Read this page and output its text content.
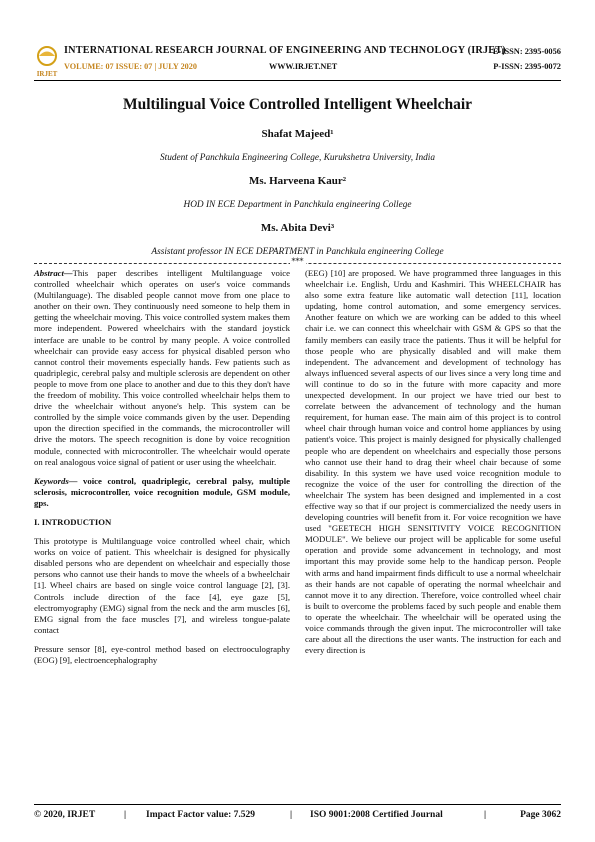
IRJET
INTERNATIONAL RESEARCH JOURNAL OF ENGINEERING AND TECHNOLOGY (IRJET)
VOLUME: 07 ISSUE: 07 | JULY 2020	WWW.IRJET.NET
E-ISSN: 2395-0056
P-ISSN: 2395-0072
Multilingual Voice Controlled Intelligent Wheelchair
Shafat Majeed¹
Student of Panchkula Engineering College, Kurukshetra University, India
Ms. Harveena Kaur²
HOD IN ECE Department in Panchkula engineering College
Ms. Abita Devi³
Assistant professor IN ECE DEPARTMENT in Panchkula engineering College
***

Abstract—This paper describes intelligent Multilanguage voice controlled wheelchair which operates on user's voice commands (Multilanguage). The disabled people cannot move from one place to another on their own. They continuously need someone to help them in getting the wheelchair moving. This voice controlled system makes them more independent. Powered wheelchairs with the standard joystick interface are unable to be control by many people. A voice controlled wheelchair can provide easy access for physical disabled person who cannot control their movements especially hands. Few patients such as quadriplegic, cerebral palsy and multiple sclerosis are dependent on other people to move from one place to another and due to this they don't have the freedom of mobility. This voice controlled wheelchair helps them to drive the wheelchair without anyone's help. This system can be controlled by the simple voice commands given by the user. Depending upon the direction specified in the commands, the microcontroller will drive the motors. The speech recognition is done by voice recognition module, connected with microcontroller. The wheelchair would operate on real analogous voice signal of patient or user using the wheelchair.

Keywords— voice control, quadriplegic, cerebral palsy, multiple sclerosis, microcontroller, voice recognition module, GSM module, gps.

I. INTRODUCTION

This prototype is Multilanguage voice controlled wheel chair, which works on voice of patient. This wheelchair is designed for physically disabled persons who are dependent on wheelchair and especially those persons who cannot use their hands to move the wheels of a bwheelchair [1]. Wheel chairs are based on single voice control language [2], [3]. Controls include direction of the face [4], eye gaze [5], electromyography (EMG) signal from the neck and the arm muscles [6], EMG signal from the face muscles [7], and wireless tongue-palate contact

Pressure sensor [8], eye-control method based on electrooculography (EOG) [9], electroencephalography

(EEG) [10] are proposed. We have programmed three languages in this wheelchair i.e. English, Urdu and Kashmiri. This WHEELCHAIR has also some extra feature like automatic wall detection [11], location updating, home control automation, and some emergency services. Another feature on which we are working can be added to this wheel chair i.e. we can connect this wheelchair with GSM & GPS so that the family members can easily trace the patients. Thus it will be helpful for those people who are physically disabled and will make them independent. The advancement and development of technology has always influenced several aspects of our lives since a very long time and will continue to do so in the future with more capacity and more unexpected development. In our project we have tried our best to correlate between the advancement of technology and the human requirement, for human ease. The main aim of this project is to control wheel chair through human voice and control home appliances by using patient's voice. This project is mainly designed for physically challenged people who are dependent on wheelchairs and especially those persons who cannot use their hand to drag their wheel chair because of some disability. In this system we have used voice recognition module to recognize the voice of the user for controlling the direction of the wheelchair The system has been designed and implemented in a cost effective way so that if our project is commercialized the needy users in developing countries will benefit from it. For voice recognition we have used "GEETECH HIGH SENSITIVITY VOICE RECOGNITION MODULE". We believe our project will be applicable for some useful operation and provide some advancement in technology, and most important this may provide some help to the handicap person. People with arms and hand impairment finds difficult to use a normal wheelchair as their hands are not capable of operating the normal wheelchair and cannot move it to any direction. Therefore, voice controlled wheel chair is built to overcome the problems faced by such people and enable them to operate the wheelchair. The wheelchair will be operated using the voice commands through the given input. The microcontroller will take care about all the directions the user wants. The instruction for each and every direction is

© 2020, IRJET	| Impact Factor value: 7.529	| ISO 9001:2008 Certified Journal	|	Page 3062
